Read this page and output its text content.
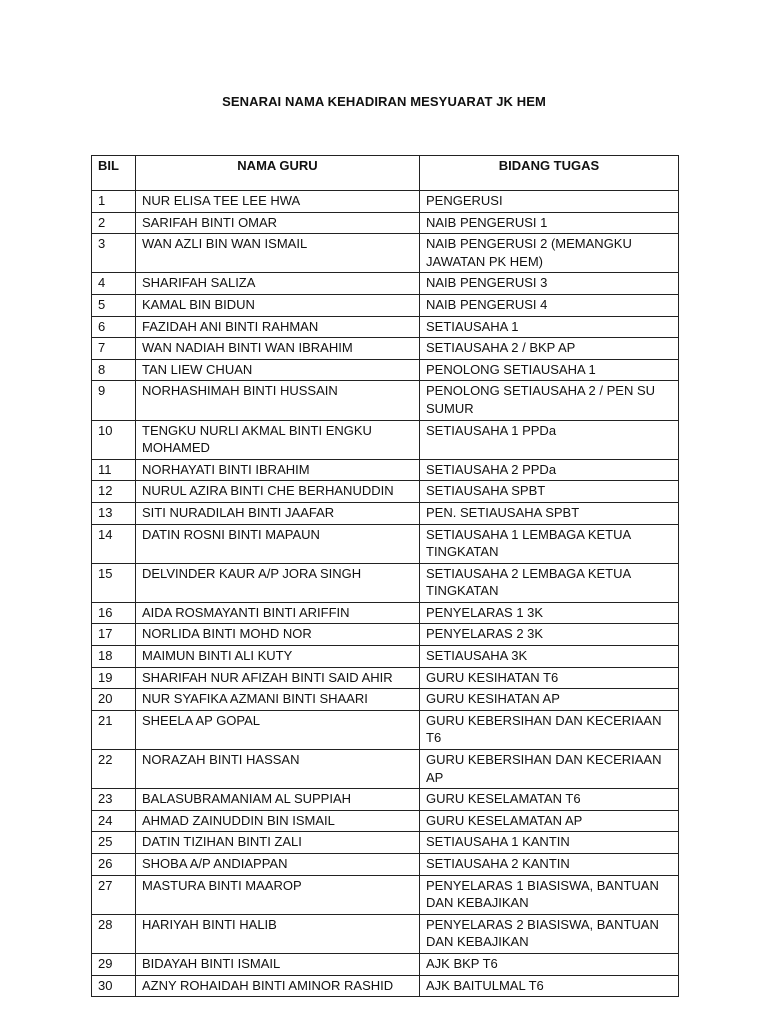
SENARAI NAMA KEHADIRAN MESYUARAT JK HEM
BIL	NAMA GURU	BIDANG TUGAS
1	NUR ELISA TEE LEE HWA	PENGERUSI
2	SARIFAH BINTI OMAR	NAIB PENGERUSI 1
3	WAN AZLI BIN WAN ISMAIL	NAIB PENGERUSI 2 (MEMANGKU JAWATAN PK HEM)
4	SHARIFAH SALIZA	NAIB PENGERUSI 3
5	KAMAL BIN BIDUN	NAIB PENGERUSI 4
6	FAZIDAH ANI BINTI RAHMAN	SETIAUSAHA 1
7	WAN NADIAH BINTI WAN IBRAHIM	SETIAUSAHA 2 / BKP AP
8	TAN LIEW CHUAN	PENOLONG SETIAUSAHA 1
9	NORHASHIMAH BINTI HUSSAIN	PENOLONG SETIAUSAHA 2 / PEN SU SUMUR
10	TENGKU NURLI AKMAL BINTI ENGKU MOHAMED	SETIAUSAHA 1 PPDa
11	NORHAYATI BINTI IBRAHIM	SETIAUSAHA 2 PPDa
12	NURUL AZIRA BINTI CHE BERHANUDDIN	SETIAUSAHA SPBT
13	SITI NURADILAH BINTI JAAFAR	PEN. SETIAUSAHA SPBT
14	DATIN ROSNI BINTI MAPAUN	SETIAUSAHA 1 LEMBAGA KETUA TINGKATAN
15	DELVINDER KAUR A/P JORA SINGH	SETIAUSAHA 2 LEMBAGA KETUA TINGKATAN
16	AIDA ROSMAYANTI BINTI ARIFFIN	PENYELARAS 1 3K
17	NORLIDA BINTI MOHD NOR	PENYELARAS 2 3K
18	MAIMUN BINTI ALI KUTY	SETIAUSAHA 3K
19	SHARIFAH NUR AFIZAH BINTI SAID AHIR	GURU KESIHATAN T6
20	NUR SYAFIKA AZMANI BINTI SHAARI	GURU KESIHATAN AP
21	SHEELA AP GOPAL	GURU KEBERSIHAN DAN KECERIAAN T6
22	NORAZAH BINTI HASSAN	GURU KEBERSIHAN DAN KECERIAAN AP
23	BALASUBRAMANIAM AL SUPPIAH	GURU KESELAMATAN T6
24	AHMAD ZAINUDDIN BIN ISMAIL	GURU KESELAMATAN AP
25	DATIN TIZIHAN BINTI ZALI	SETIAUSAHA 1 KANTIN
26	SHOBA A/P ANDIAPPAN	SETIAUSAHA 2 KANTIN
27	MASTURA BINTI MAAROP	PENYELARAS 1 BIASISWA, BANTUAN DAN KEBAJIKAN
28	HARIYAH BINTI HALIB	PENYELARAS 2 BIASISWA, BANTUAN DAN KEBAJIKAN
29	BIDAYAH BINTI ISMAIL	AJK BKP T6
30	AZNY ROHAIDAH BINTI AMINOR RASHID	AJK BAITULMAL T6
